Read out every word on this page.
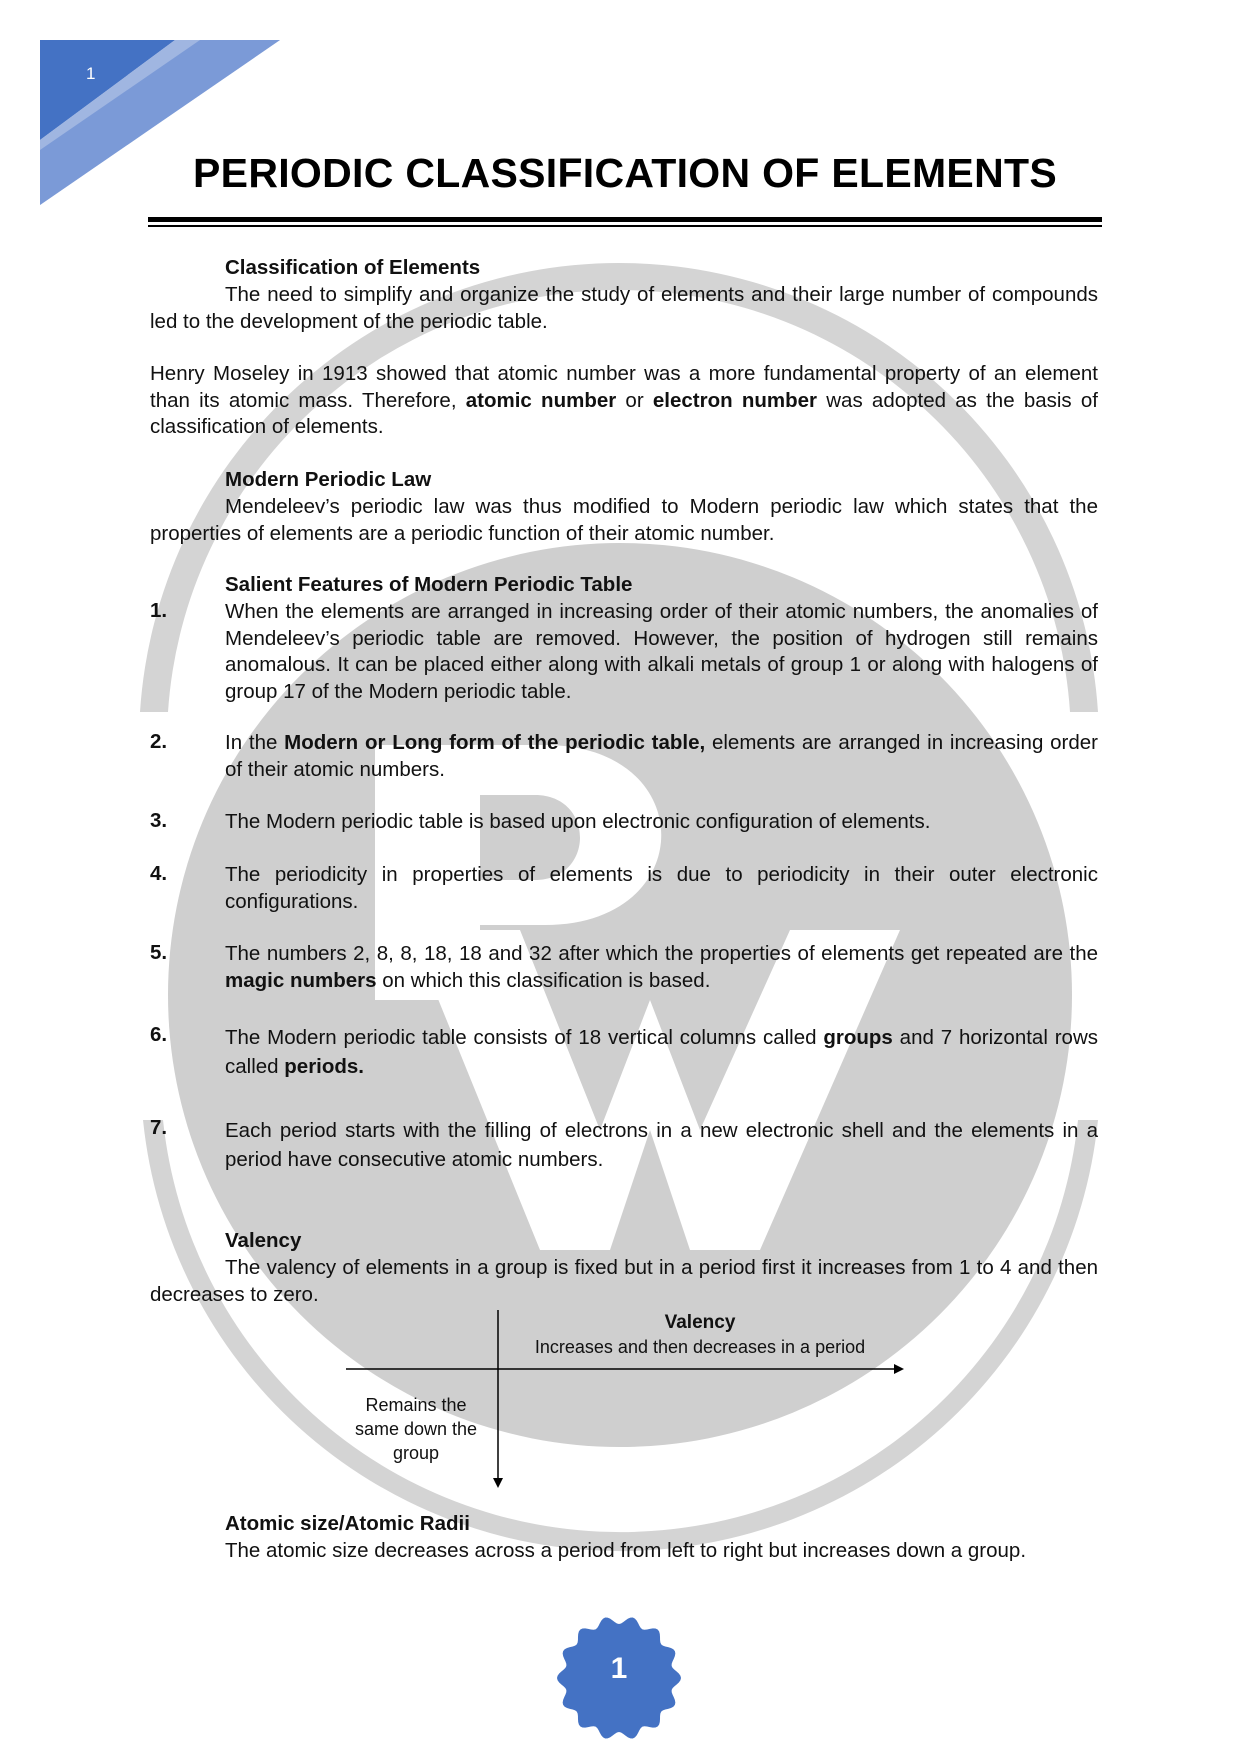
1
PERIODIC CLASSIFICATION OF ELEMENTS
Classification of Elements
The need to simplify and organize the study of elements and their large number of compounds led to the development of the periodic table.
Henry Moseley in 1913 showed that atomic number was a more fundamental property of an element than its atomic mass. Therefore, atomic number or electron number was adopted as the basis of classification of elements.
Modern Periodic Law
Mendeleev’s periodic law was thus modified to Modern periodic law which states that the properties of elements are a periodic function of their atomic number.
Salient Features of Modern Periodic Table
1.	When the elements are arranged in increasing order of their atomic numbers, the anomalies of Mendeleev’s periodic table are removed. However, the position of hydrogen still remains anomalous. It can be placed either along with alkali metals of group 1 or along with halogens of group 17 of the Modern periodic table.
2.	In the Modern or Long form of the periodic table, elements are arranged in increasing order of their atomic numbers.
3.	The Modern periodic table is based upon electronic configuration of elements.
4.	The periodicity in properties of elements is due to periodicity in their outer electronic configurations.
5.	The numbers 2, 8, 8, 18, 18 and 32 after which the properties of elements get repeated are the magic numbers on which this classification is based.
6.	The Modern periodic table consists of 18 vertical columns called groups and 7 horizontal rows called periods.
7.	Each period starts with the filling of electrons in a new electronic shell and the elements in a period have consecutive atomic numbers.
Valency
The valency of elements in a group is fixed but in a period first it increases from 1 to 4 and then decreases to zero.
Valency
Increases and then decreases in a period
Remains the
same down the
group
Atomic size/Atomic Radii
The atomic size decreases across a period from left to right but increases down a group.
1
